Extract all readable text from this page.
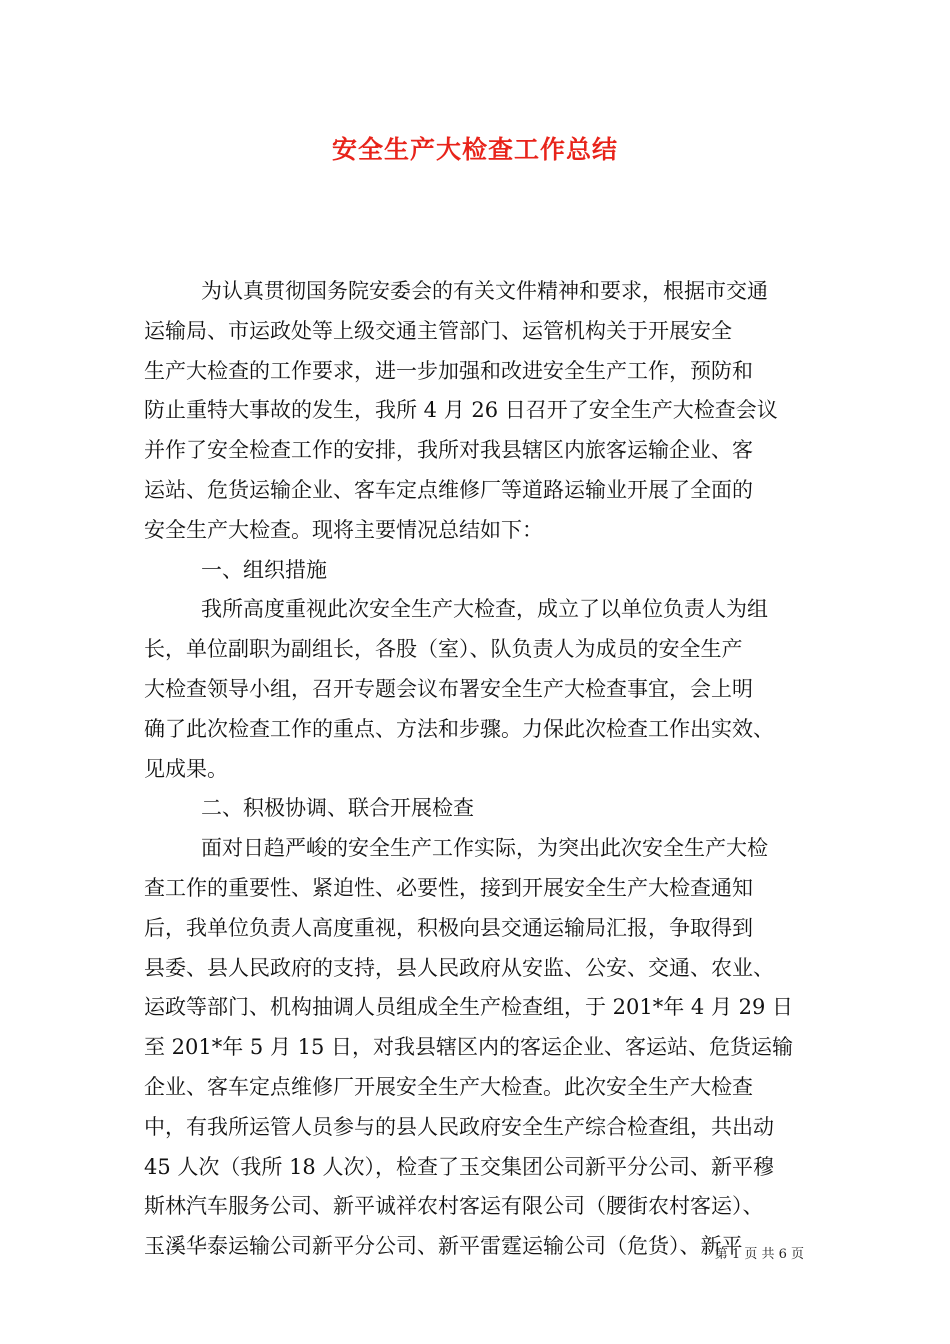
安全生产大检查工作总结
为认真贯彻国务院安委会的有关文件精神和要求，根据市交通
运输局、市运政处等上级交通主管部门、运管机构关于开展安全
生产大检查的工作要求，进一步加强和改进安全生产工作，预防和
防止重特大事故的发生，我所 4 月 26 日召开了安全生产大检查会议
并作了安全检查工作的安排，我所对我县辖区内旅客运输企业、客
运站、危货运输企业、客车定点维修厂等道路运输业开展了全面的
安全生产大检查。现将主要情况总结如下：
一、组织措施
我所高度重视此次安全生产大检查，成立了以单位负责人为组
长，单位副职为副组长，各股（室）、队负责人为成员的安全生产
大检查领导小组，召开专题会议布署安全生产大检查事宜，会上明
确了此次检查工作的重点、方法和步骤。力保此次检查工作出实效、
见成果。
二、积极协调、联合开展检查
面对日趋严峻的安全生产工作实际，为突出此次安全生产大检
查工作的重要性、紧迫性、必要性，接到开展安全生产大检查通知
后，我单位负责人高度重视，积极向县交通运输局汇报，争取得到
县委、县人民政府的支持，县人民政府从安监、公安、交通、农业、
运政等部门、机构抽调人员组成全生产检查组，于 201*年 4 月 29 日
至 201*年 5 月 15 日，对我县辖区内的客运企业、客运站、危货运输
企业、客车定点维修厂开展安全生产大检查。此次安全生产大检查
中，有我所运管人员参与的县人民政府安全生产综合检查组，共出动
45 人次（我所 18 人次），检查了玉交集团公司新平分公司、新平穆
斯林汽车服务公司、新平诚祥农村客运有限公司（腰街农村客运）、
玉溪华泰运输公司新平分公司、新平雷霆运输公司（危货）、新平
第 1 页 共 6 页
